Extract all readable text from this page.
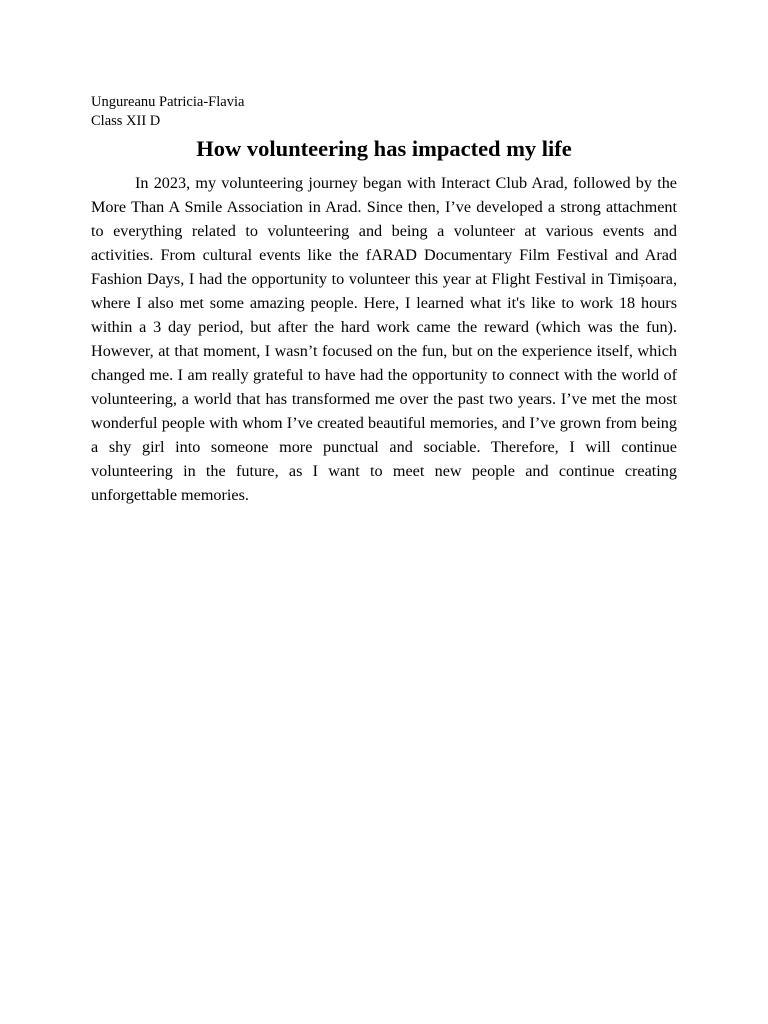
Ungureanu Patricia-Flavia

Class XII D

How volunteering has impacted my life

In 2023, my volunteering journey began with Interact Club Arad, followed by the More Than A Smile Association in Arad. Since then, I’ve developed a strong attachment to everything related to volunteering and being a volunteer at various events and activities. From cultural events like the fARAD Documentary Film Festival and Arad Fashion Days, I had the opportunity to volunteer this year at Flight Festival in Timișoara, where I also met some amazing people. Here, I learned what it's like to work 18 hours within a 3 day period, but after the hard work came the reward (which was the fun). However, at that moment, I wasn’t focused on the fun, but on the experience itself, which changed me. I am really grateful to have had the opportunity to connect with the world of volunteering, a world that has transformed me over the past two years. I’ve met the most wonderful people with whom I’ve created beautiful memories, and I’ve grown from being a shy girl into someone more punctual and sociable. Therefore, I will continue volunteering in the future, as I want to meet new people and continue creating unforgettable memories.
